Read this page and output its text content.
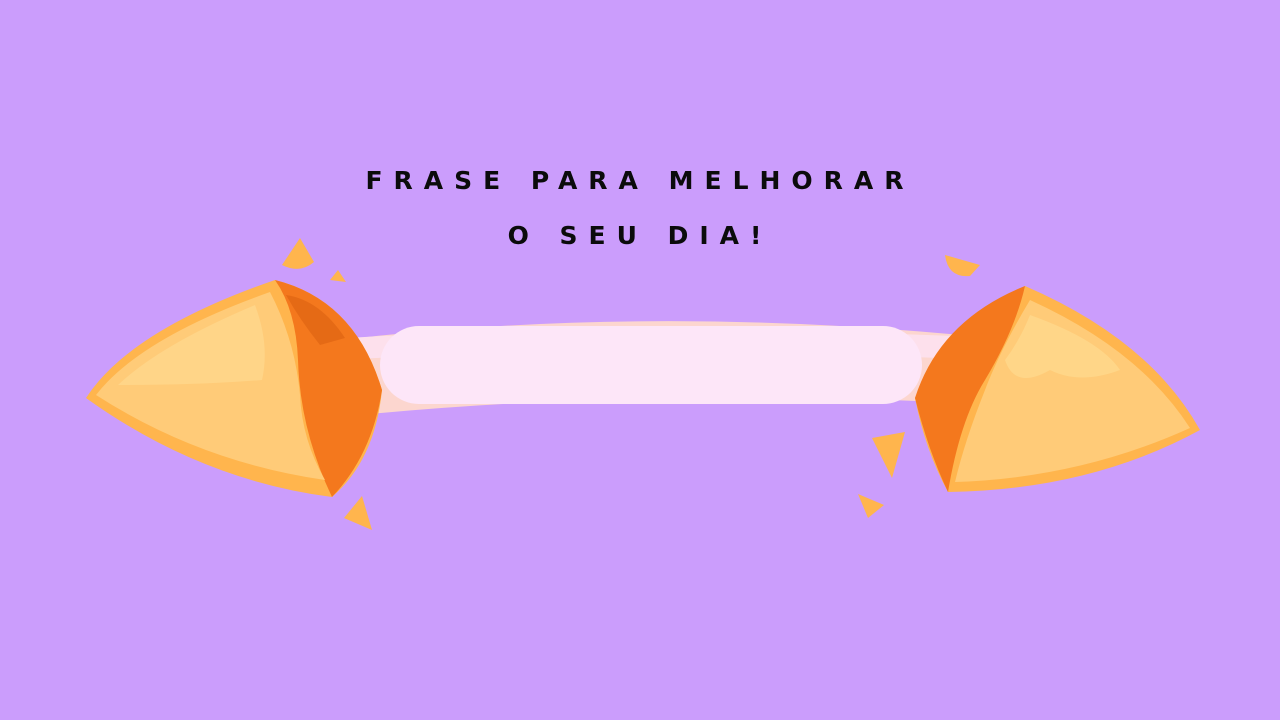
FRASE PARA MELHORAR
O SEU DIA!
